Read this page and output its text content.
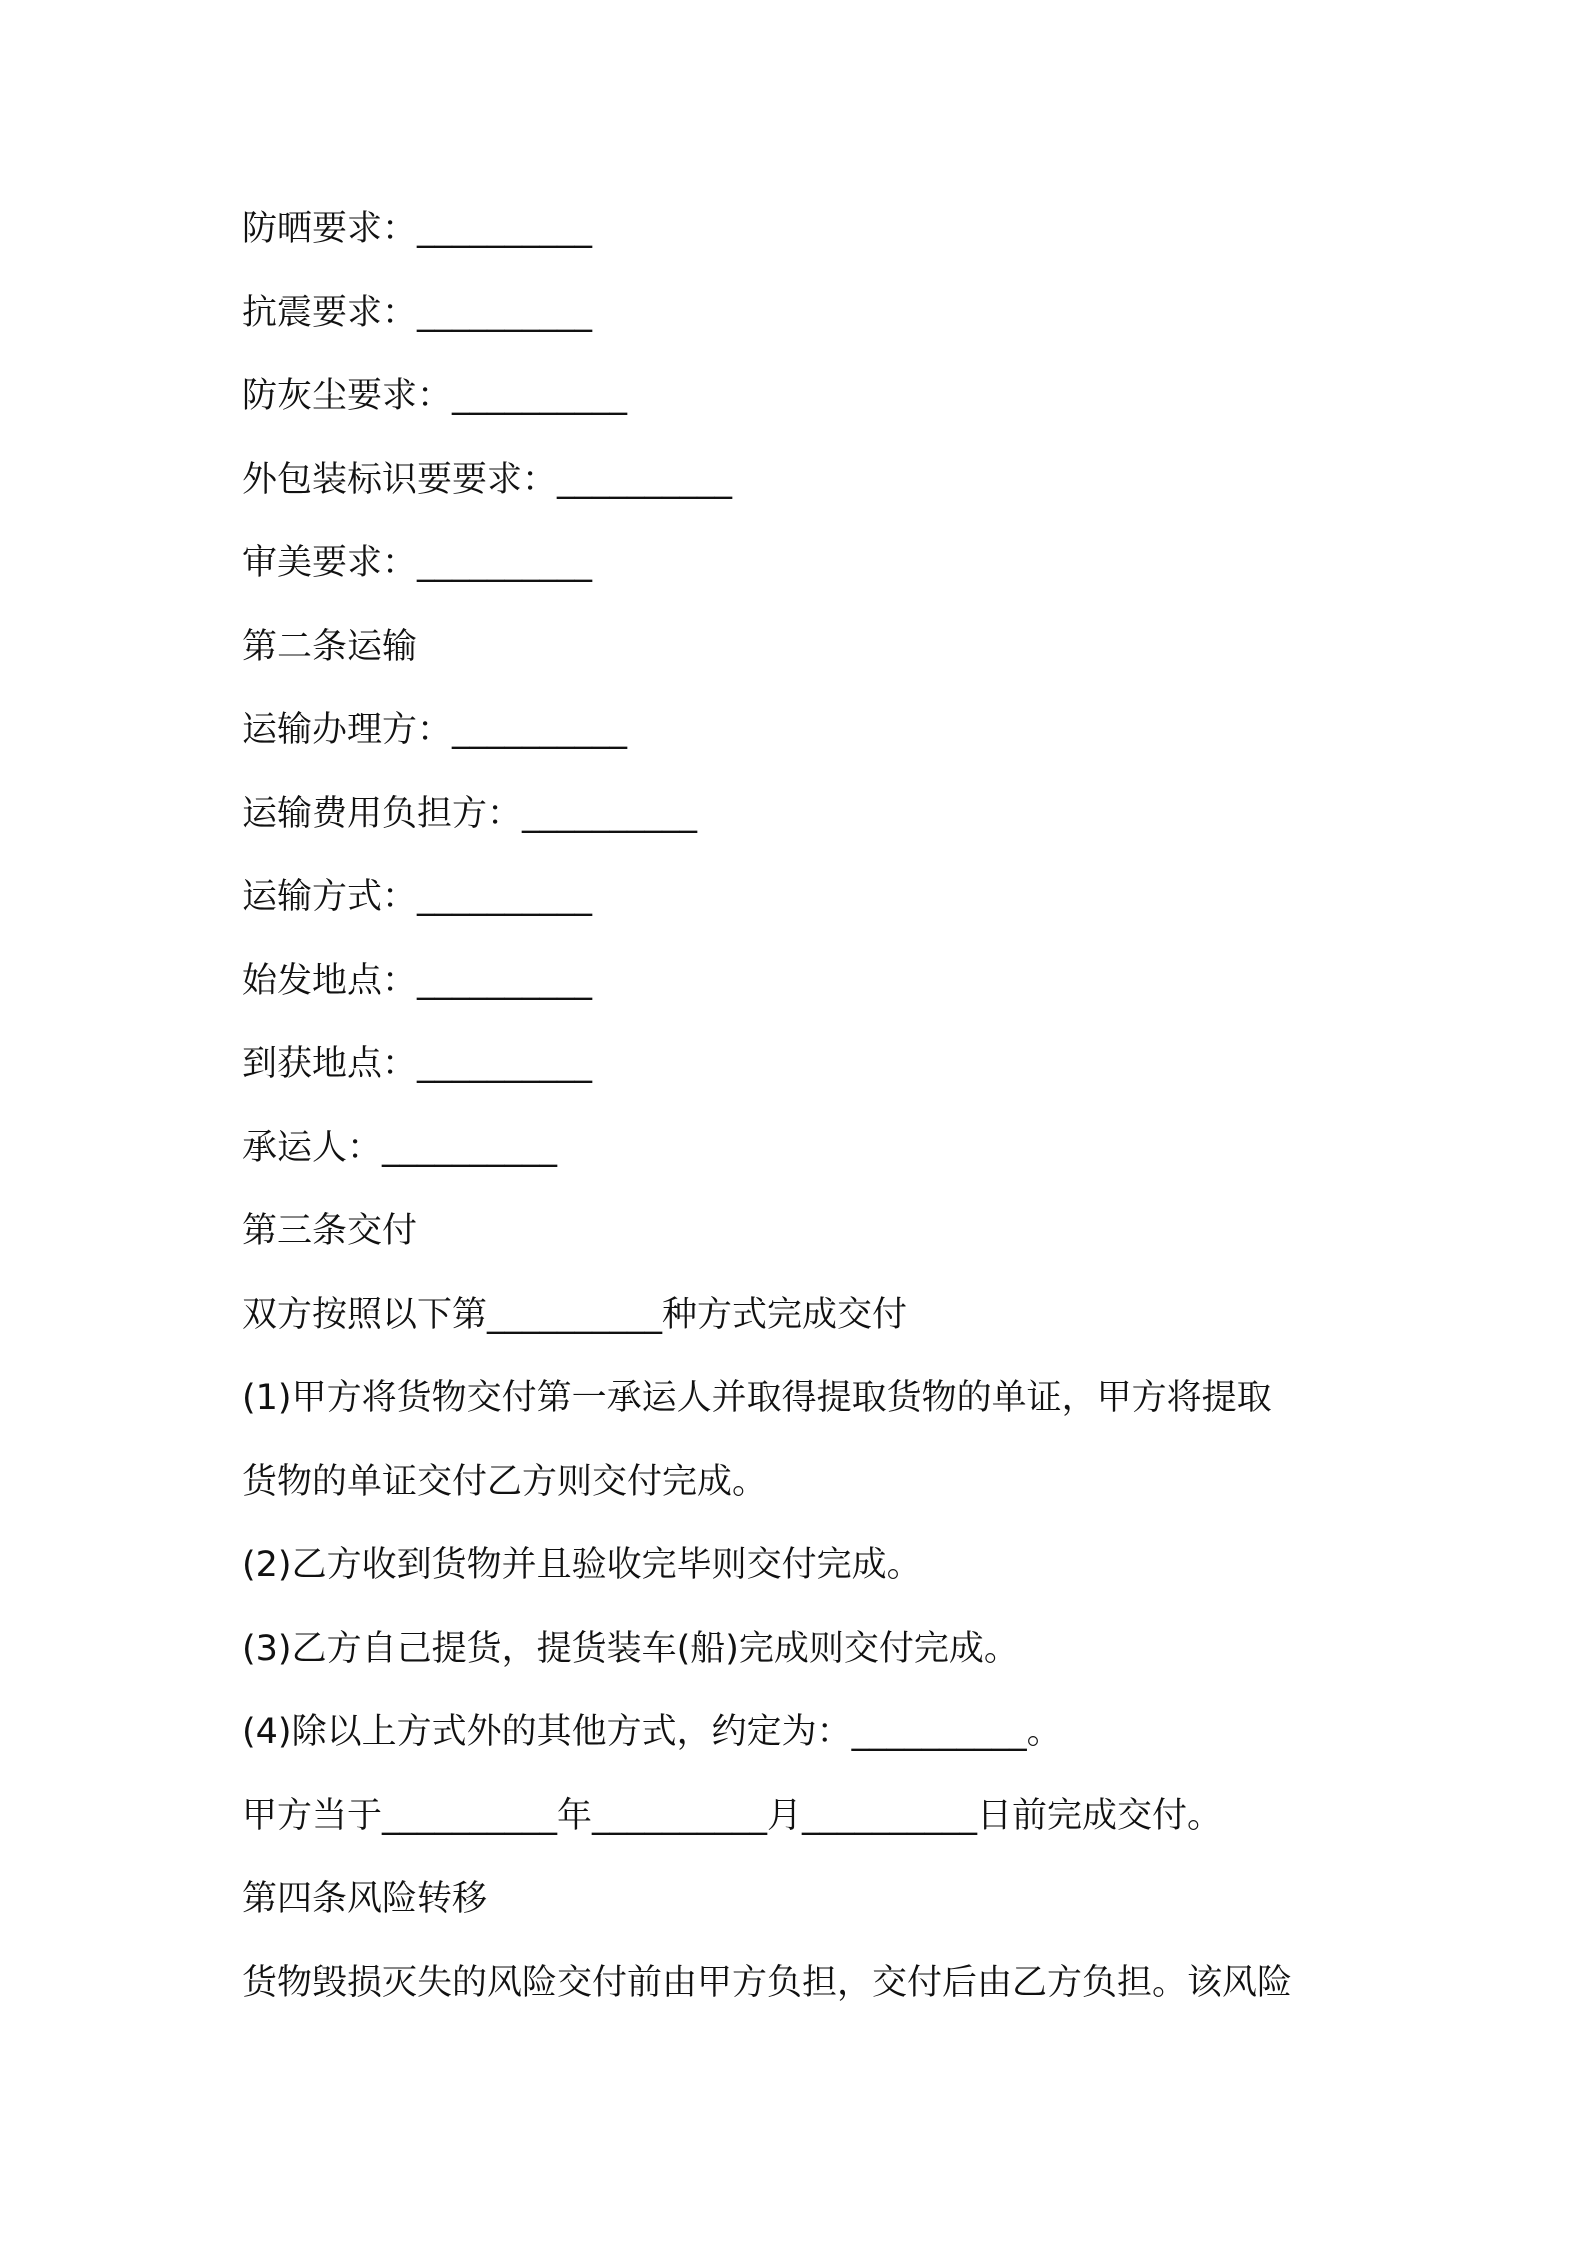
防晒要求：__________
抗震要求：__________
防灰尘要求：__________
外包装标识要要求：__________
审美要求：__________
第二条运输
运输办理方：__________
运输费用负担方：__________
运输方式：__________
始发地点：__________
到获地点：__________
承运人：__________
第三条交付
双方按照以下第__________种方式完成交付
(1)甲方将货物交付第一承运人并取得提取货物的单证，甲方将提取
货物的单证交付乙方则交付完成。
(2)乙方收到货物并且验收完毕则交付完成。
(3)乙方自己提货，提货装车(船)完成则交付完成。
(4)除以上方式外的其他方式，约定为：__________。
甲方当于__________年__________月__________日前完成交付。
第四条风险转移
货物毁损灭失的风险交付前由甲方负担，交付后由乙方负担。该风险
